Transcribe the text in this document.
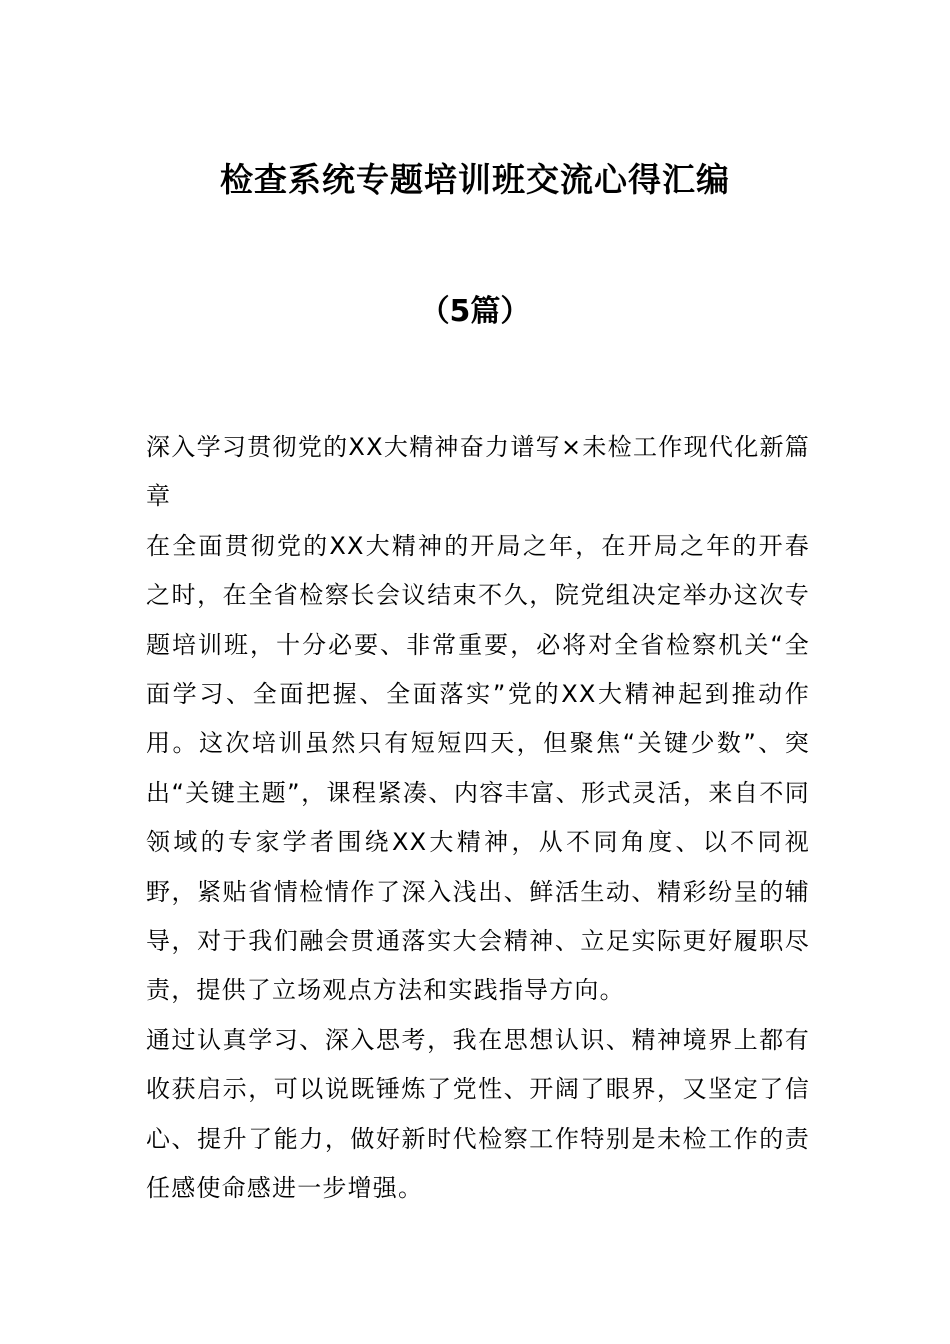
检查系统专题培训班交流心得汇编
（5篇）

深入学习贯彻党的XX大精神奋力谱写×未检工作现代化新篇章

在全面贯彻党的XX大精神的开局之年，在开局之年的开春之时，在全省检察长会议结束不久，院党组决定举办这次专题培训班，十分必要、非常重要，必将对全省检察机关“全面学习、全面把握、全面落实”党的XX大精神起到推动作用。这次培训虽然只有短短四天，但聚焦“关键少数”、突出“关键主题”，课程紧凑、内容丰富、形式灵活，来自不同领域的专家学者围绕XX大精神，从不同角度、以不同视野，紧贴省情检情作了深入浅出、鲜活生动、精彩纷呈的辅导，对于我们融会贯通落实大会精神、立足实际更好履职尽责，提供了立场观点方法和实践指导方向。

通过认真学习、深入思考，我在思想认识、精神境界上都有收获启示，可以说既锤炼了党性、开阔了眼界，又坚定了信心、提升了能力，做好新时代检察工作特别是未检工作的责任感使命感进一步增强。
